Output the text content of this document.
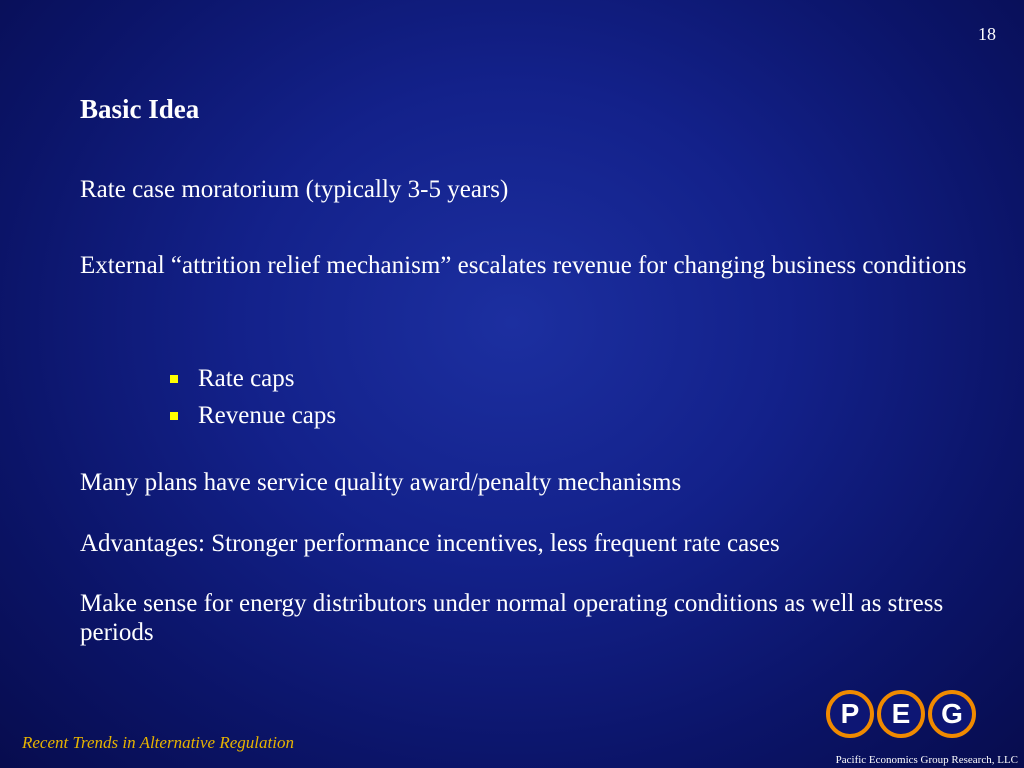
18
Basic Idea

Rate case moratorium (typically 3-5 years)

External “attrition relief mechanism” escalates revenue for changing business conditions

Rate caps
Revenue caps

Many plans have service quality award/penalty mechanisms

Advantages: Stronger performance incentives, less frequent rate cases

Make sense for energy distributors under normal operating conditions as well as stress periods

Recent Trends in Alternative Regulation
P	E	G
Pacific Economics Group Research, LLC
